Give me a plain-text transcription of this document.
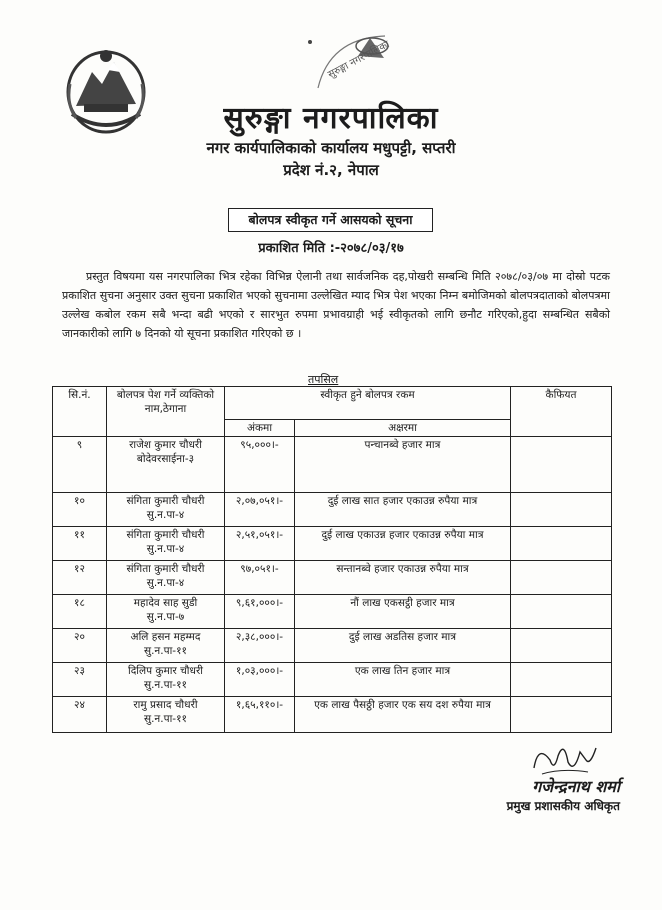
सुरुङ्गा नगरपालिका
सुरुङ्गा नगरपालिका
नगर कार्यपालिकाको कार्यालय मधुपट्टी, सप्तरी
प्रदेश नं.२, नेपाल
बोलपत्र स्वीकृत गर्ने आसयको सूचना
प्रकाशित मिति :-२०७८/०३/१७
प्रस्तुत विषयमा यस नगरपालिका भित्र रहेका विभिन्न ऐलानी तथा सार्वजनिक दह,पोखरी सम्बन्धि मिति २०७८/०३/०७ मा दोस्रो पटक प्रकाशित सुचना अनुसार उक्त सुचना प्रकाशित भएको सुचनामा उल्लेखित म्याद भित्र पेश भएका निम्न बमोजिमको बोलपत्रदाताको बोलपत्रमा उल्लेख कबोल रकम सबै भन्दा बढी भएको र सारभुत रुपमा प्रभावग्राही भई स्वीकृतको लागि छनौट गरिएको,हुदा सम्बन्धित सबैको जानकारीको लागि ७ दिनको यो सूचना प्रकाशित गरिएको छ ।
तपसिल
सि.नं.	बोलपत्र पेश गर्ने व्यक्तिको नाम,ठेगाना	स्वीकृत हुने बोलपत्र रकम		कैफियत
		अंकमा	अक्षरमा	
९	राजेश कुमार चौधरी
बोदेवरसाईना-३	९५,०००।-	पन्चानब्वे हजार मात्र	
१०	संगिता कुमारी चौधरी
सु.न.पा-४	२,०७,०५१।-	दुई लाख सात हजार एकाउन्न रुपैया मात्र	
११	संगिता कुमारी चौधरी
सु.न.पा-४	२,५१,०५१।-	दुई लाख एकाउन्न हजार एकाउन्न रुपैया मात्र	
१२	संगिता कुमारी चौधरी
सु.न.पा-४	९७,०५१।-	सन्तानब्वे हजार एकाउन्न रुपैया मात्र	
१८	महादेव साह सुडी
सु.न.पा-७	९,६१,०००।-	नौं लाख एकसट्ठी हजार मात्र	
२०	अलि हसन महम्मद
सु.न.पा-११	२,३८,०००।-	दुई लाख अडतिस हजार मात्र	
२३	दिलिप कुमार चौधरी
सु.न.पा-११	१,०३,०००।-	एक लाख तिन हजार मात्र	
२४	रामु प्रसाद चौधरी
सु.न.पा-११	१,६५,११०।-	एक लाख पैसठ्ठी हजार एक सय दश रुपैया मात्र	
गजेन्द्रनाथ शर्मा
प्रमुख प्रशासकीय अधिकृत
